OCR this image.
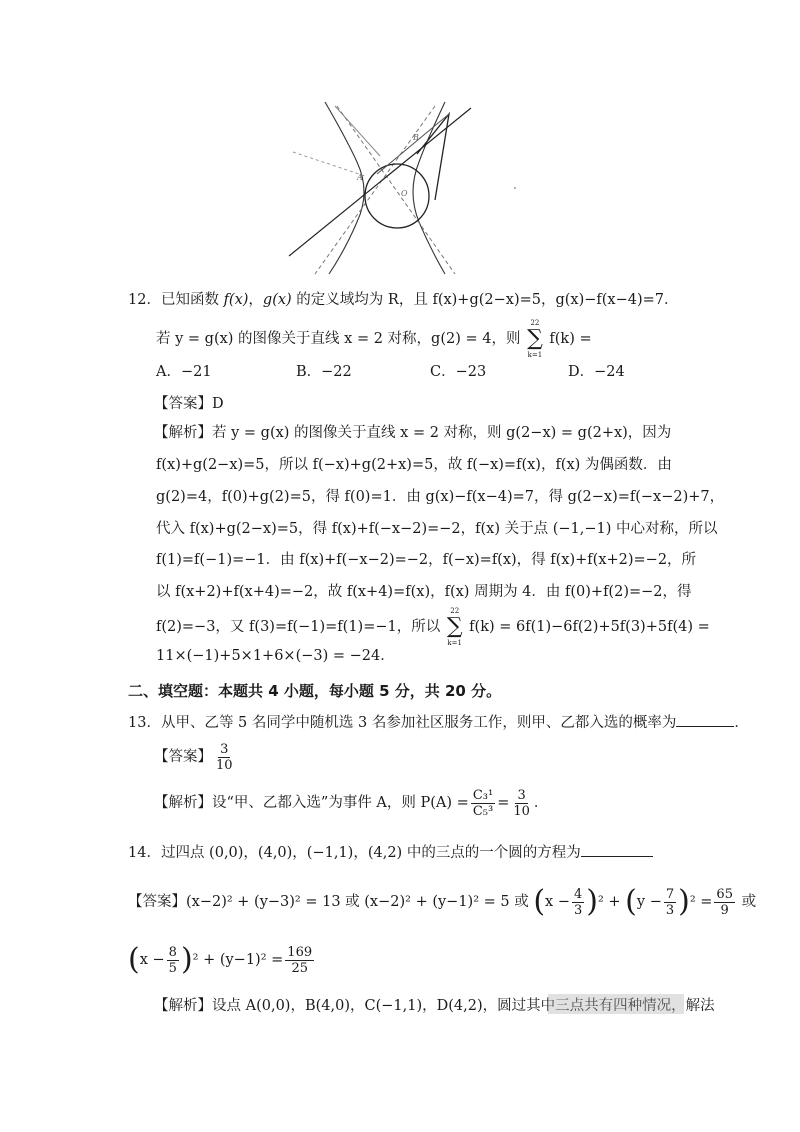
A
B
O
12．已知函数 f(x)，g(x) 的定义域均为 R，且 f(x)+g(2−x)=5，g(x)−f(x−4)=7．
若 y = g(x) 的图像关于直线 x = 2 对称，g(2) = 4，则
22
∑
k=1
f(k) =
A．−21	B．−22	C．−23	D．−24
【答案】D
【解析】若 y = g(x) 的图像关于直线 x = 2 对称，则 g(2−x) = g(2+x)，因为
f(x)+g(2−x)=5，所以 f(−x)+g(2+x)=5，故 f(−x)=f(x)，f(x) 为偶函数．由
g(2)=4，f(0)+g(2)=5，得 f(0)=1．由 g(x)−f(x−4)=7，得 g(2−x)=f(−x−2)+7，
代入 f(x)+g(2−x)=5，得 f(x)+f(−x−2)=−2，f(x) 关于点 (−1,−1) 中心对称，所以
f(1)=f(−1)=−1．由 f(x)+f(−x−2)=−2，f(−x)=f(x)，得 f(x)+f(x+2)=−2，所
以 f(x+2)+f(x+4)=−2，故 f(x+4)=f(x)，f(x) 周期为 4．由 f(0)+f(2)=−2，得
f(2)=−3，又 f(3)=f(−1)=f(1)=−1，所以
22
∑
k=1
f(k) = 6f(1)−6f(2)+5f(3)+5f(4) =
11×(−1)+5×1+6×(−3) = −24．
二、填空题：本题共 4 小题，每小题 5 分，共 20 分。
13．从甲、乙等 5 名同学中随机选 3 名参加社区服务工作，则甲、乙都入选的概率为	．
【答案】 $\frac{3}{10}$
【解析】设“甲、乙都入选”为事件 A，则 $P(A) = \frac{\text{C₃¹}}{\text{C₅³}} = \frac{3}{10}$ ．
14．过四点 (0,0)，(4,0)，(−1,1)，(4,2) 中的三点的一个圆的方程为
【答案】(x−2)² + (y−3)² = 13 或 (x−2)² + (y−1)² = 5 或 $(x - \frac{4}{3} )^2 + (y - \frac{7}{3} )^2 = \frac{65}{9}$ 或
$(x - \frac{8}{5} )^2 + (y-1)^2 = \frac{169}{25}$
【解析】设点 A(0,0)，B(4,0)，C(−1,1)，D(4,2)，圆过其中三点共有四种情况，解法
